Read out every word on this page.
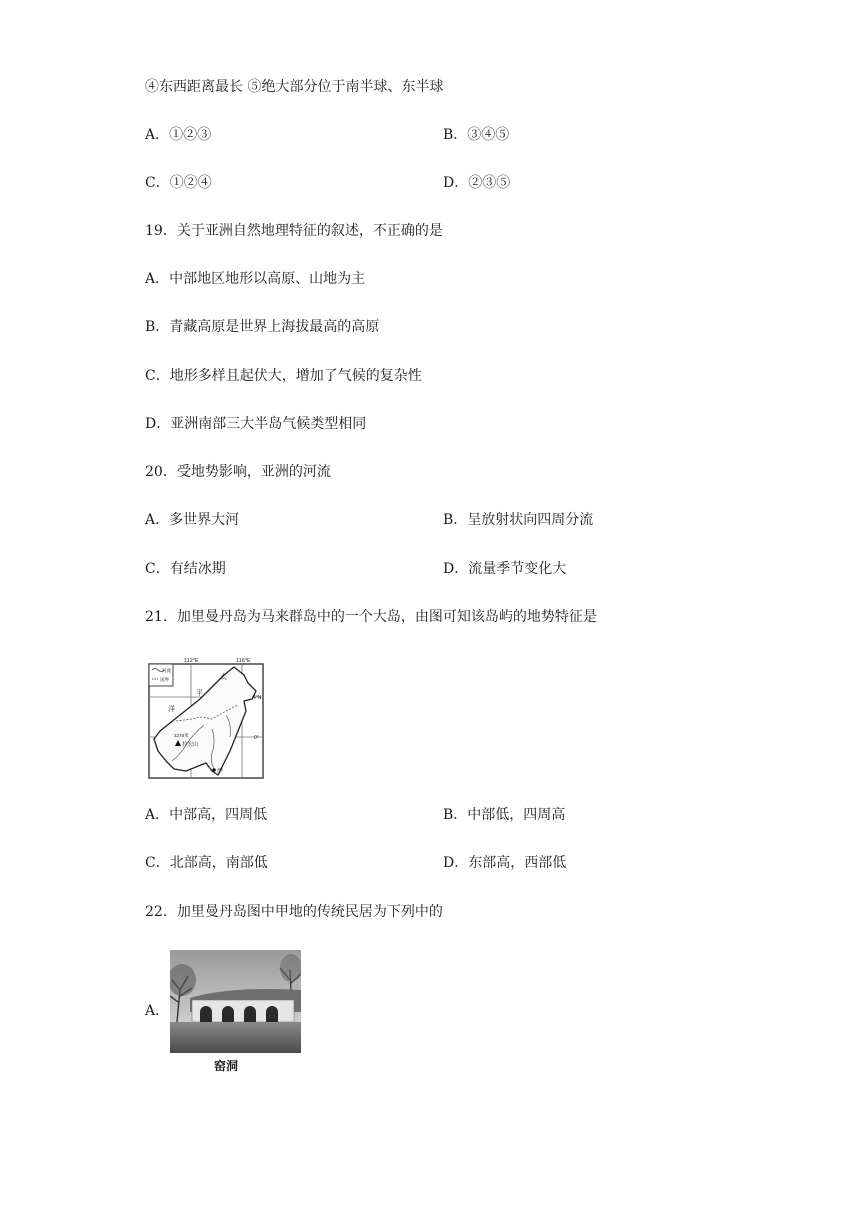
④东西距离最长 ⑤绝大部分位于南半球、东半球
A．①②③	B．③④⑤
C．①②④	D．②③⑤
19．关于亚洲自然地理特征的叙述，不正确的是
A．中部地区地形以高原、山地为主
B．青藏高原是世界上海拔最高的高原
C．地形多样且起伏大，增加了气候的复杂性
D．亚洲南部三大半岛气候类型相同
20．受地势影响，亚洲的河流
A．多世界大河	B．呈放射状向四周分流
C．有结冰期	D．流量季节变化大
21．加里曼丹岛为马来群岛中的一个大岛，由图可知该岛屿的地势特征是
河流
国界
112°E	116°E
4°N
0°
太
平
洋
2278米
拉宏山
甲
A．中部高，四周低	B．中部低，四周高
C．北部高，南部低	D．东部高，西部低
22．加里曼丹岛图中甲地的传统民居为下列中的
A．
窑洞
